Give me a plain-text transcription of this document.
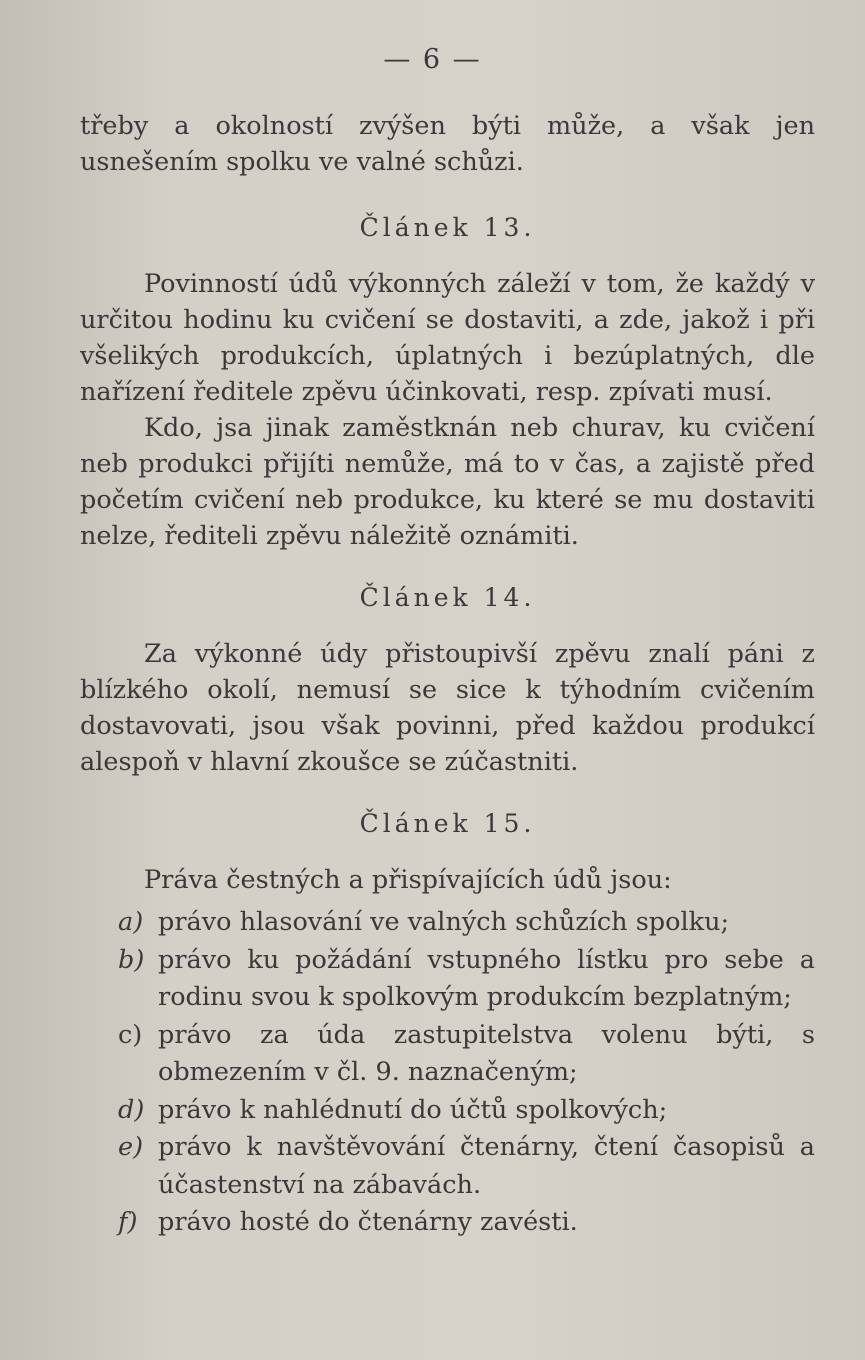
— 6 —

třeby a okolností zvýšen býti může, a však jen usnešením spolku ve valné schůzi.

Článek 13.

Povinností údů výkonných záleží v tom, že každý v určitou hodinu ku cvičení se dostaviti, a zde, jakož i při všelikých produkcích, úplatných i bezúplatných, dle nařízení ředitele zpěvu účinkovati, resp. zpívati musí.

Kdo, jsa jinak zaměstknán neb churav, ku cvičení neb produkci přijíti nemůže, má to v čas, a zajistě před početím cvičení neb produkce, ku které se mu dostaviti nelze, řediteli zpěvu náležitě oznámiti.

Článek 14.

Za výkonné údy přistoupivší zpěvu znalí páni z blízkého okolí, nemusí se sice k týhodním cvičením dostavovati, jsou však povinni, před každou produkcí alespoň v hlavní zkoušce se zúčastniti.

Článek 15.

Práva čestných a přispívajících údů jsou:

a) právo hlasování ve valných schůzích spolku;
b) právo ku požádání vstupného lístku pro sebe a rodinu svou k spolkovým produkcím bezplatným;
c) právo za úda zastupitelstva volenu býti, s obmezením v čl. 9. naznačeným;
d) právo k nahlédnutí do účtů spolkových;
e) právo k navštěvování čtenárny, čtení časopisů a účastenství na zábavách.
f) právo hosté do čtenárny zavésti.
